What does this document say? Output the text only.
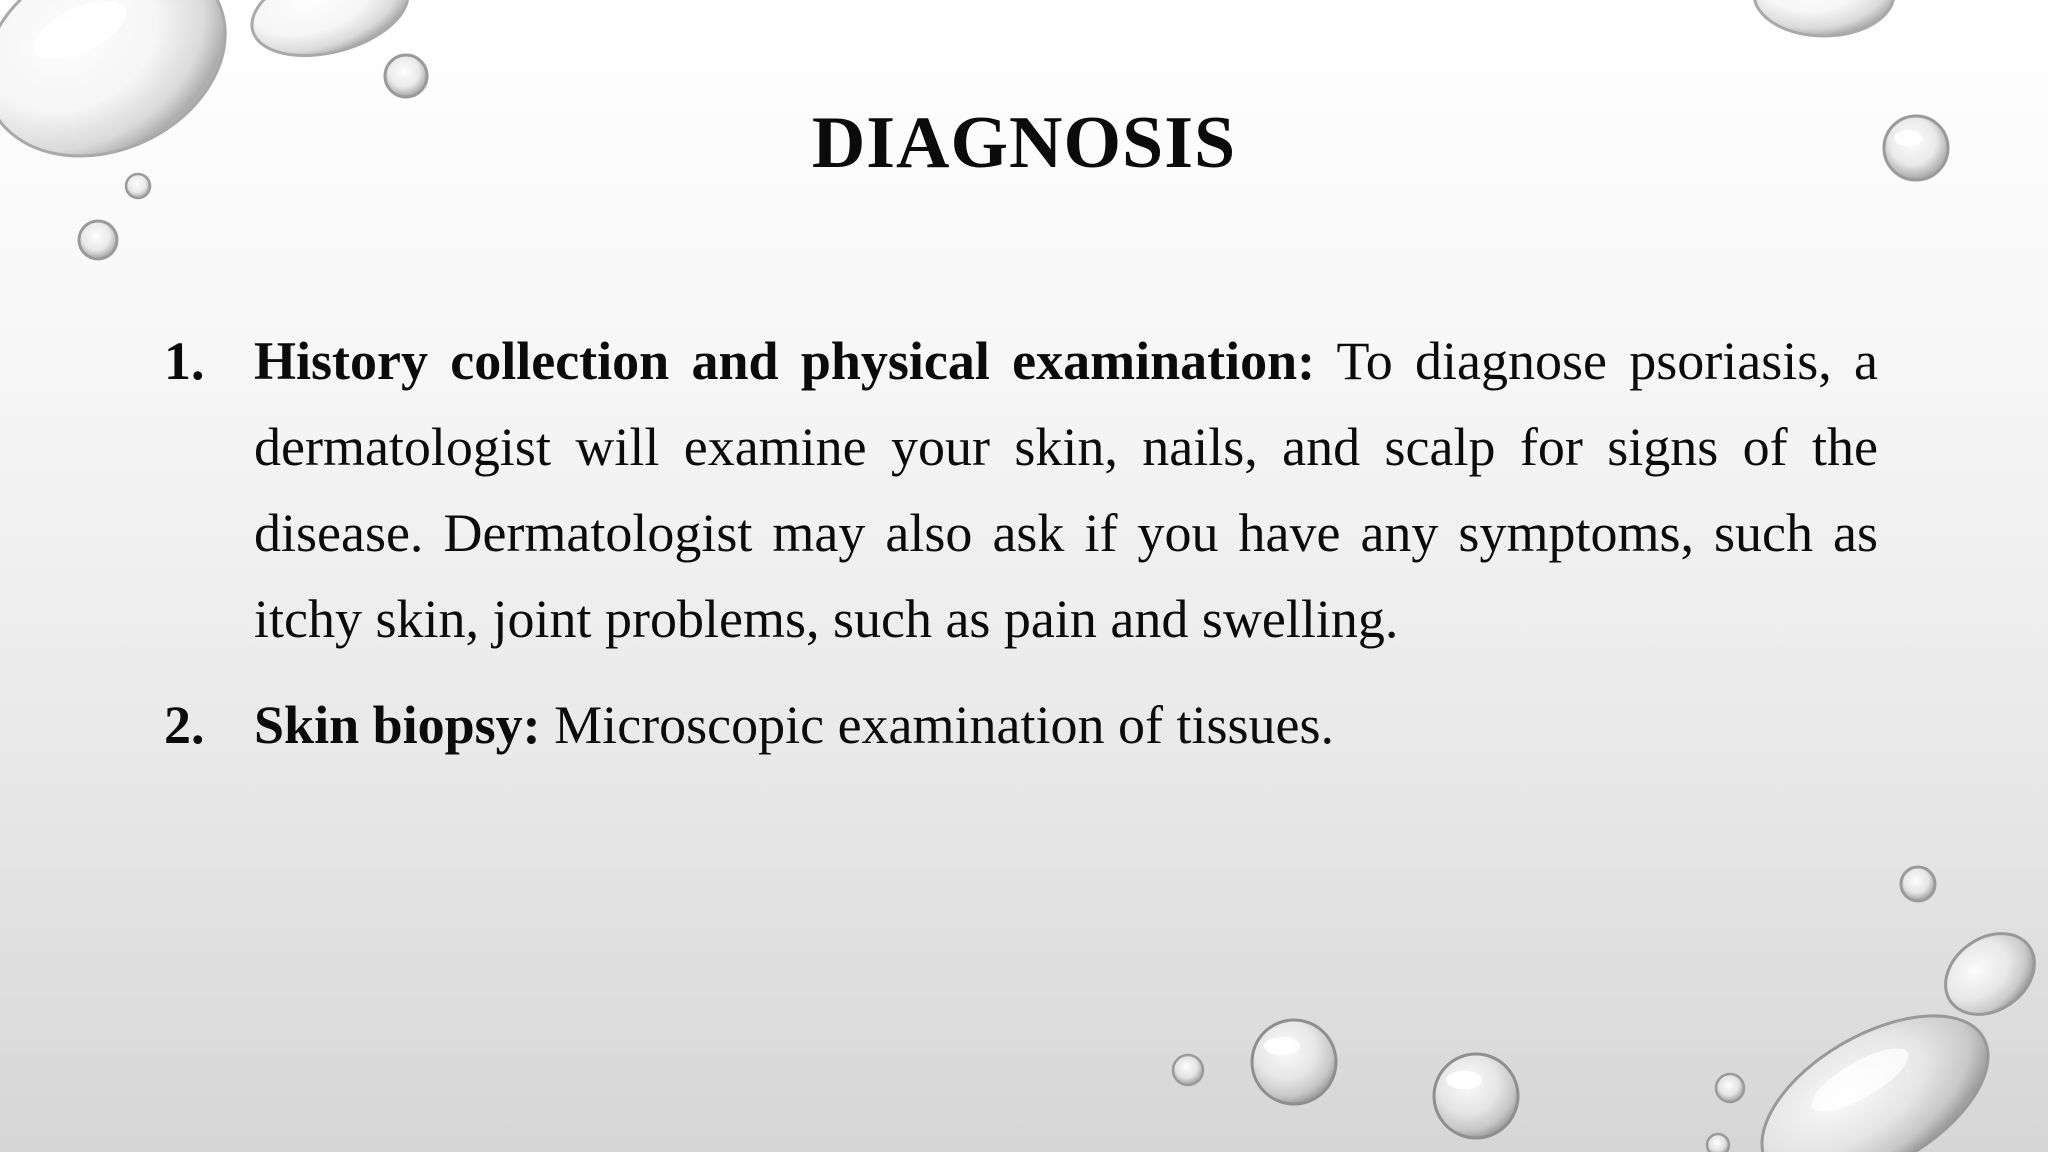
DIAGNOSIS
1. History collection and physical examination: To diagnose psoriasis, a dermatologist will examine your skin, nails, and scalp for signs of the disease. Dermatologist may also ask if you have any symptoms, such as itchy skin, joint problems, such as pain and swelling.
2. Skin biopsy: Microscopic examination of tissues.
